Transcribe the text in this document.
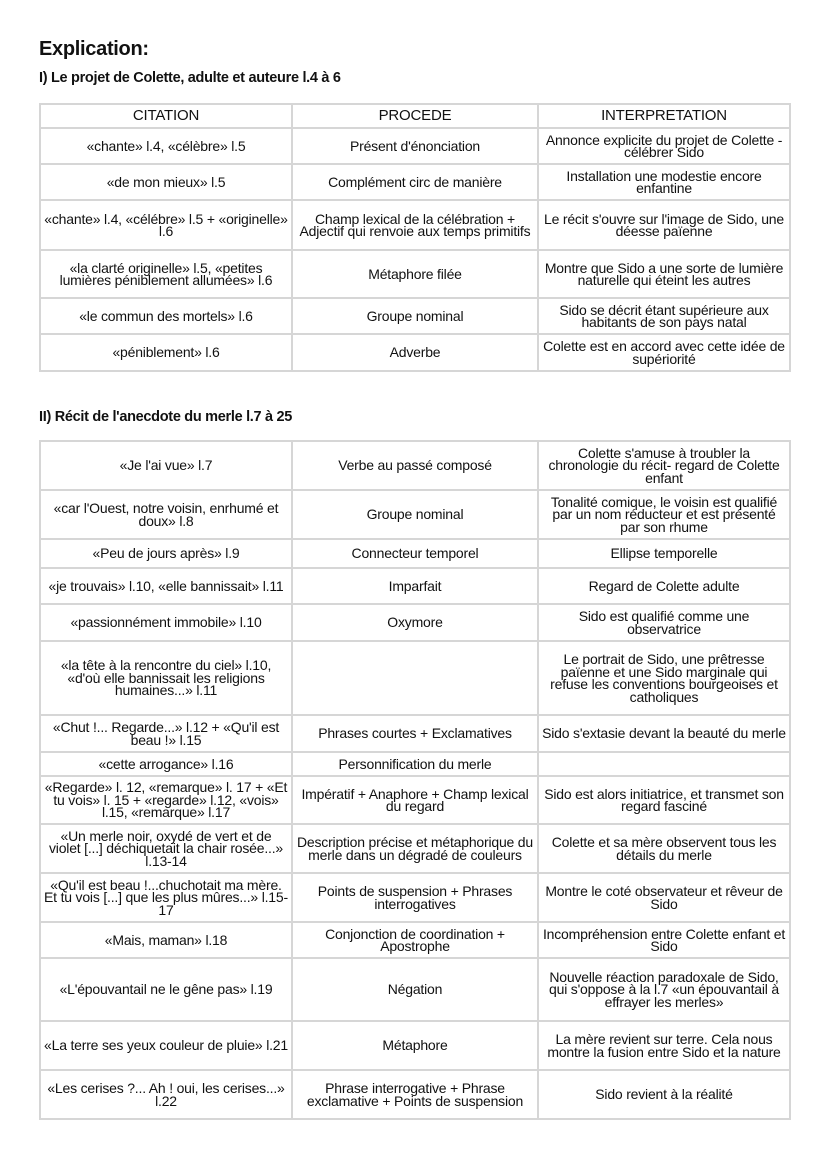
Explication:
I) Le projet de Colette, adulte et auteure l.4 à 6
CITATION	PROCEDE	INTERPRETATION
«chante» l.4, «célèbre» l.5	Présent d'énonciation	Annonce explicite du projet de Colette - célébrer Sido
«de mon mieux» l.5	Complément circ de manière	Installation une modestie encore enfantine
«chante» l.4, «célébre» l.5 + «originelle» l.6	Champ lexical de la célébration + Adjectif qui renvoie aux temps primitifs	Le récit s'ouvre sur l'image de Sido, une déesse païenne
«la clarté originelle» l.5, «petites lumières péniblement allumées» l.6	Métaphore filée	Montre que Sido a une sorte de lumière naturelle qui éteint les autres
«le commun des mortels» l.6	Groupe nominal	Sido se décrit étant supérieure aux habitants de son pays natal
«péniblement» l.6	Adverbe	Colette est en accord avec cette idée de supériorité
II) Récit de l'anecdote du merle l.7 à 25
«Je l'ai vue» l.7	Verbe au passé composé	Colette s'amuse à troubler la chronologie du récit- regard de Colette enfant
«car l'Ouest, notre voisin, enrhumé et doux» l.8	Groupe nominal	Tonalité comique, le voisin est qualifié par un nom réducteur et est présenté par son rhume
«Peu de jours après» l.9	Connecteur temporel	Ellipse temporelle
«je trouvais» l.10, «elle bannissait» l.11	Imparfait	Regard de Colette adulte
«passionnément immobile» l.10	Oxymore	Sido est qualifié comme une observatrice
«la tête à la rencontre du ciel» l.10, «d'où elle bannissait les religions humaines...» l.11		Le portrait de Sido, une prêtresse païenne et une Sido marginale qui refuse les conventions bourgeoises et catholiques
«Chut !... Regarde...» l.12 + «Qu'il est beau !» l.15	Phrases courtes + Exclamatives	Sido s'extasie devant la beauté du merle
«cette arrogance» l.16	Personnification du merle	
«Regarde» l. 12, «remarque» l. 17 + «Et tu vois» l. 15 + «regarde» l.12, «vois» l.15, «remarque» l.17	Impératif + Anaphore + Champ lexical du regard	Sido est alors initiatrice, et transmet son regard fasciné
«Un merle noir, oxydé de vert et de violet [...] déchiquetait la chair rosée...» l.13-14	Description précise et métaphorique du merle dans un dégradé de couleurs	Colette et sa mère observent tous les détails du merle
«Qu'il est beau !...chuchotait ma mère. Et tu vois [...] que les plus mûres...» l.15-17	Points de suspension + Phrases interrogatives	Montre le coté observateur et rêveur de Sido
«Mais, maman» l.18	Conjonction de coordination + Apostrophe	Incompréhension entre Colette enfant et Sido
«L'épouvantail ne le gêne pas» l.19	Négation	Nouvelle réaction paradoxale de Sido, qui s'oppose à la l.7 «un épouvantail à effrayer les merles»
«La terre ses yeux couleur de pluie» l.21	Métaphore	La mère revient sur terre. Cela nous montre la fusion entre Sido et la nature
«Les cerises ?... Ah ! oui, les cerises...» l.22	Phrase interrogative + Phrase exclamative + Points de suspension	Sido revient à la réalité
